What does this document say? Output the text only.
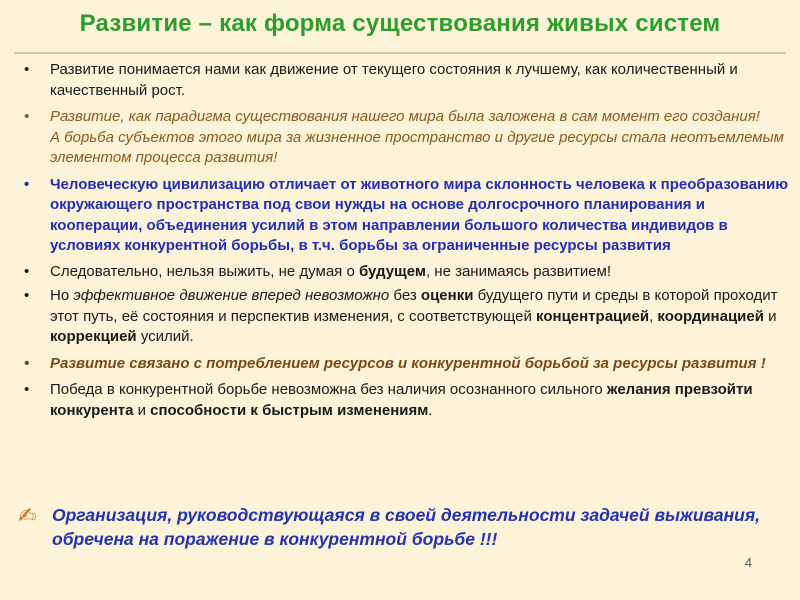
Развитие – как форма существования живых систем
• Развитие понимается нами как движение от текущего состояния к лучшему, как количественный и качественный рост.
• Развитие, как парадигма существования нашего мира была заложена в сам момент его создания!
А борьба субъектов этого мира за жизненное пространство и другие ресурсы стала неотъемлемым элементом процесса развития!
• Человеческую цивилизацию отличает от животного мира склонность человека к преобразованию окружающего пространства под свои нужды на основе долгосрочного планирования и кооперации, объединения усилий в этом направлении большого количества индивидов в условиях конкурентной борьбы, в т.ч. борьбы за ограниченные ресурсы развития
• Следовательно, нельзя выжить, не думая о будущем, не занимаясь развитием!
• Но эффективное движение вперед невозможно без оценки будущего пути и среды в которой проходит этот путь, её состояния и перспектив изменения, с соответствующей концентрацией, координацией и коррекцией усилий.
• Развитие связано с потреблением ресурсов и конкурентной борьбой за ресурсы развития !
• Победа в конкурентной борьбе невозможна без наличия осознанного сильного желания превзойти конкурента и способности к быстрым изменениям.
✍ Организация, руководствующаяся в своей деятельности задачей выживания, обречена на поражение в конкурентной борьбе !!!
4
